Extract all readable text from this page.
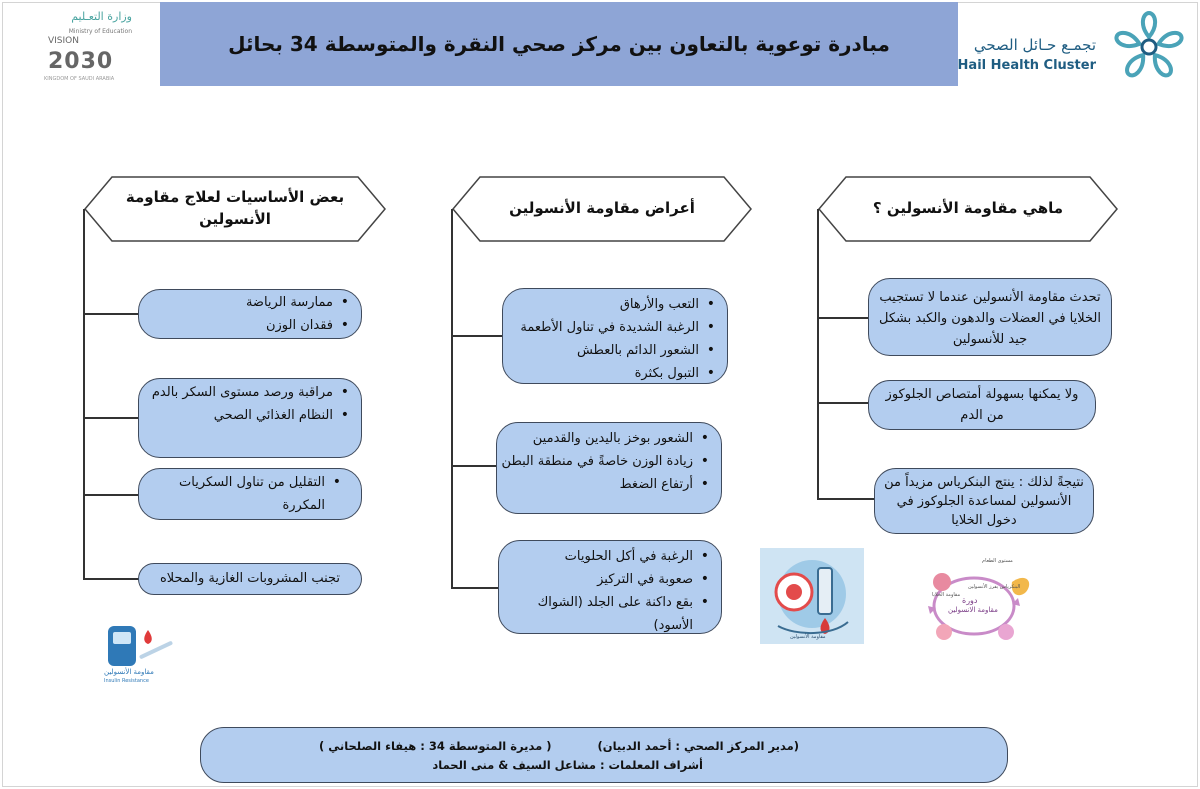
وزارة التعـليم
Ministry of Education
VISION
2030
KINGDOM OF SAUDI ARABIA
مبادرة توعوية بالتعاون بين مركز صحي النقرة والمتوسطة 34 بحائل	تجمـع حـائل الصحي
Hail Health Cluster
ماهي مقاومة الأنسولين ؟
أعراض مقاومة الأنسولين
بعض الأساسيات لعلاج مقاومة الأنسولين
تحدث مقاومة الأنسولين عندما لا تستجيب الخلايا في العضلات والدهون والكبد بشكل جيد للأنسولين
ولا يمكنها بسهولة أمتصاص الجلوكوز من الدم
نتيجةً لذلك : ينتج البنكرياس مزيداً من الأنسولين لمساعدة الجلوكوز في دخول الخلايا
• التعب والأرهاق
• الرغبة الشديدة في تناول الأطعمة
• الشعور الدائم بالعطش
• التبول بكثرة
• الشعور بوخز باليدين والقدمين
• زيادة الوزن خاصةً في منطقة البطن
• أرتفاع الضغط
• الرغبة في أكل الحلويات
• صعوبة في التركيز
• بقع داكنة على الجلد (الشواك الأسود)
• ممارسة الرياضة
• فقدان الوزن
• مراقبة ورصد مستوى السكر بالدم
• النظام الغذائي الصحي
• التقليل من تناول السكريات المكررة
تجنب المشروبات الغازية والمحلاه
دورة
مقاومة الانسولين
البنكرياس يفرز الأنسولين
مقاومة الخلايا
مستوى الطعام
مقاومة الأنسولين
مقاومة الأنسولين
Insulin Resistance
(مدير المركز الصحي : أحمد الدبيان)( مديرة المتوسطة 34 : هيفاء الصلحاني )
أشراف المعلمات : مشاعل السيف & منى الحماد
